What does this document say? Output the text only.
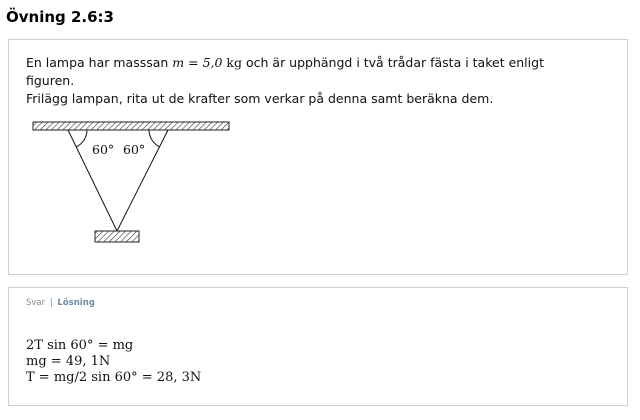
Övning 2.6:3
En lampa har masssan m = 5,0 kg och är upphängd i två trådar fästa i taket enligt
figuren.
Frilägg lampan, rita ut de krafter som verkar på denna samt beräkna dem.
60° 60°
Svar | Lösning
2T sin 60° = mg
mg = 49, 1N
T = mg/2 sin 60° = 28, 3N
